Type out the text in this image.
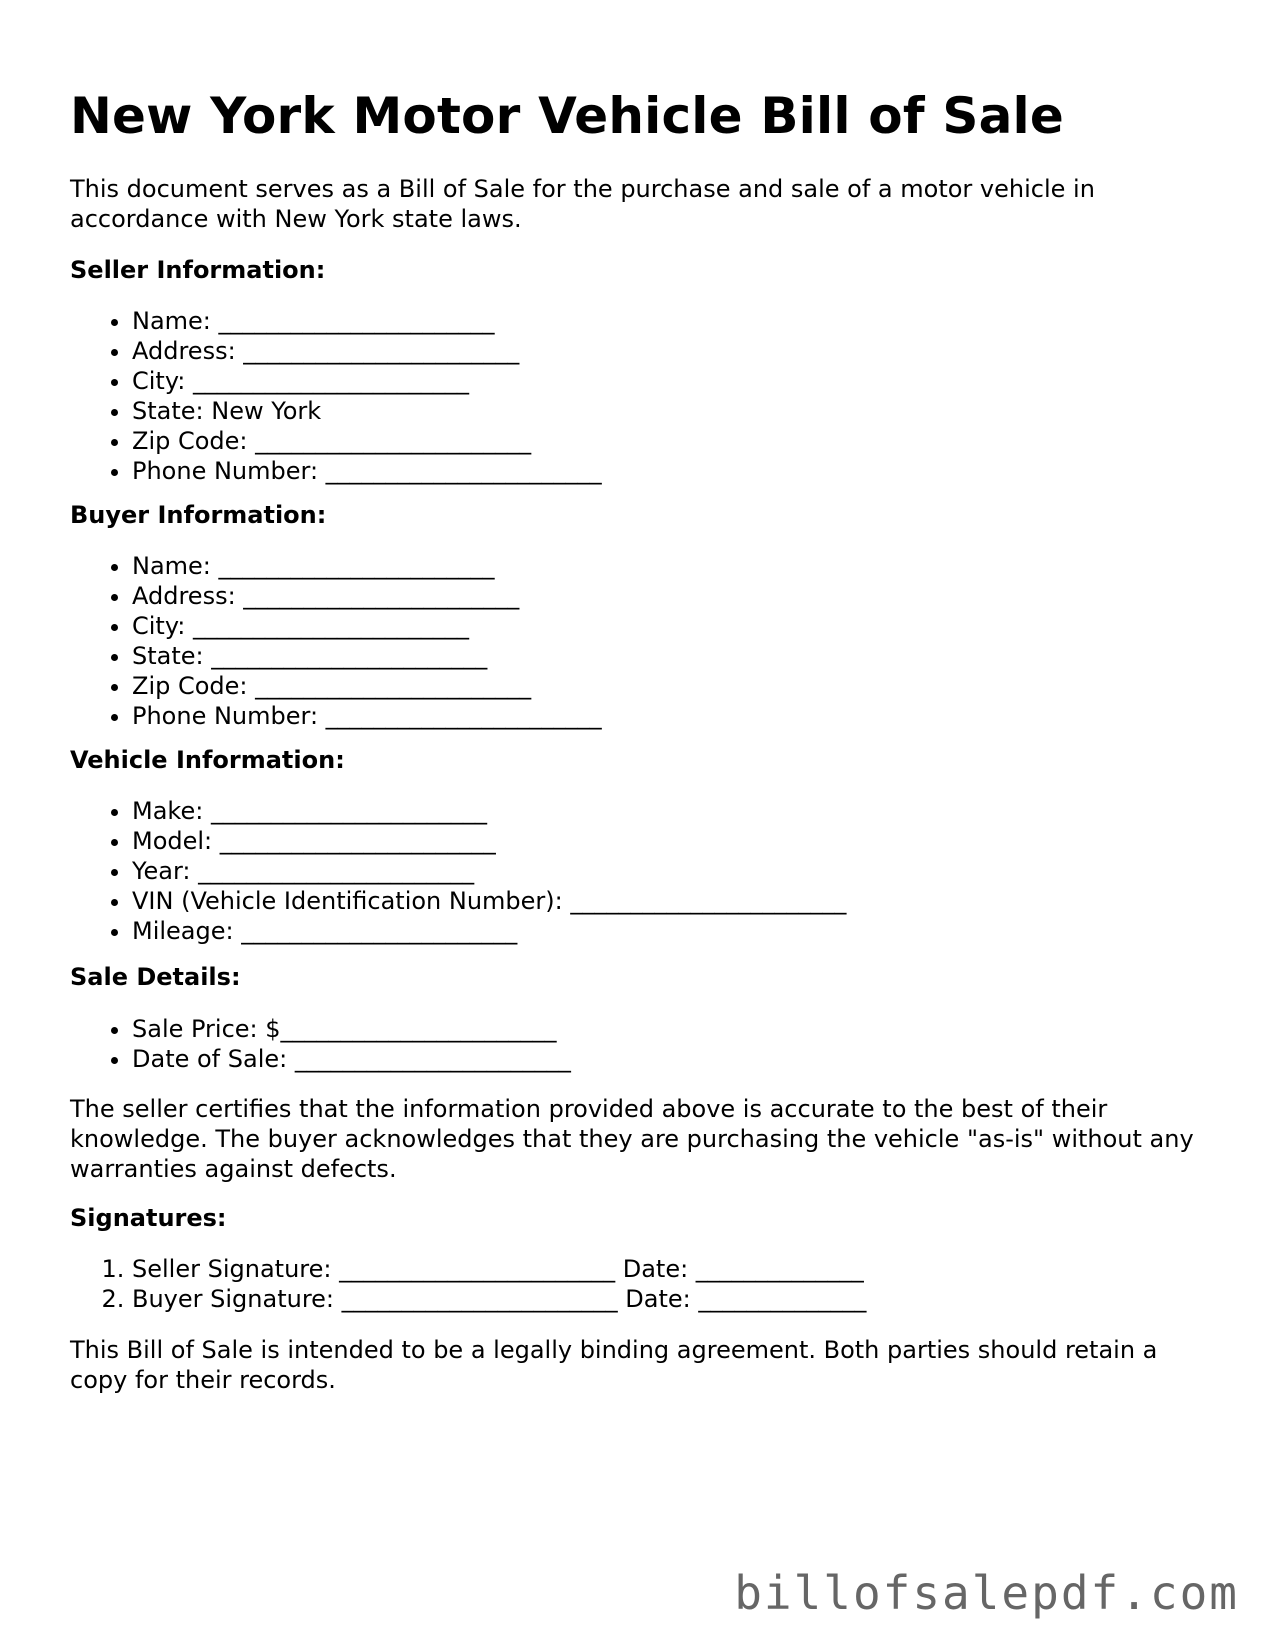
New York Motor Vehicle Bill of Sale

This document serves as a Bill of Sale for the purchase and sale of a motor vehicle in accordance with New York state laws.

Seller Information:
• Name: _______________________
• Address: _______________________
• City: _______________________
• State: New York
• Zip Code: _______________________
• Phone Number: _______________________
Buyer Information:
• Name: _______________________
• Address: _______________________
• City: _______________________
• State: _______________________
• Zip Code: _______________________
• Phone Number: _______________________
Vehicle Information:
• Make: _______________________
• Model: _______________________
• Year: _______________________
• VIN (Vehicle Identification Number): _______________________
• Mileage: _______________________
Sale Details:
• Sale Price: $_______________________
• Date of Sale: _______________________

The seller certifies that the information provided above is accurate to the best of their knowledge. The buyer acknowledges that they are purchasing the vehicle "as-is" without any warranties against defects.

Signatures:
1. Seller Signature: _______________________ Date: ______________
2. Buyer Signature: _______________________ Date: ______________

This Bill of Sale is intended to be a legally binding agreement. Both parties should retain a copy for their records.

billofsalepdf.com
